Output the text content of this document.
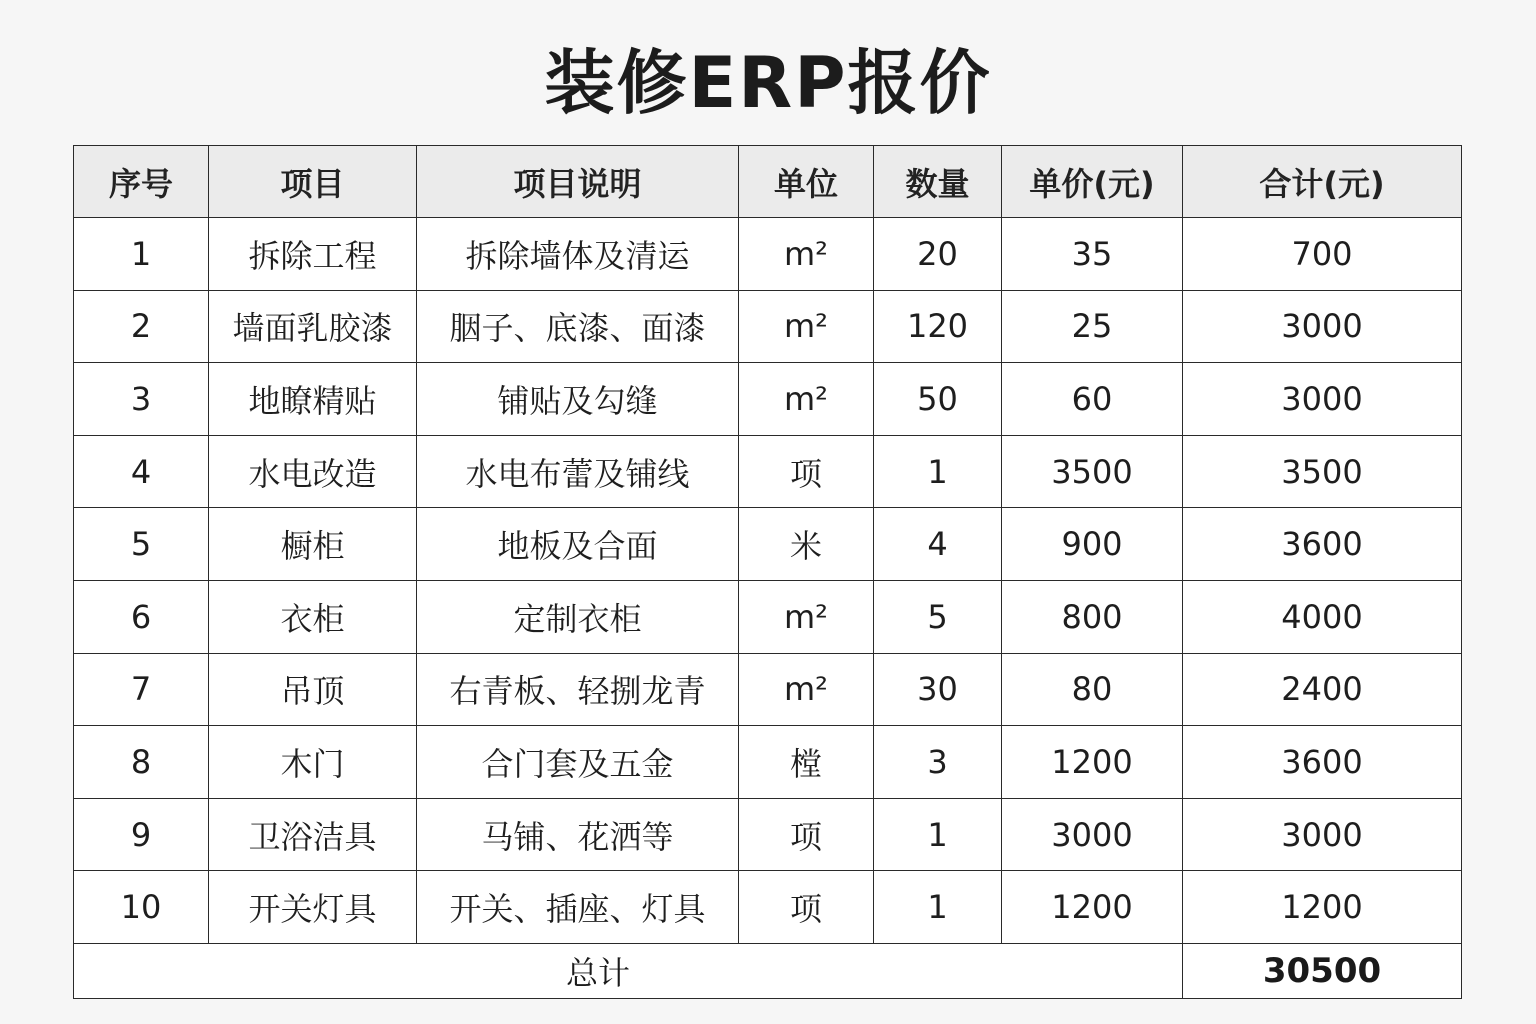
装修ERP报价
序号	项目	项目说明	单位	数量	单价(元)	合计(元)
1	拆除工程	拆除墙体及清运	m²	20	35	700
2	墙面乳胶漆	胭子、底漆、面漆	m²	120	25	3000
3	地瞭精贴	铺贴及勾缝	m²	50	60	3000
4	水电改造	水电布蕾及铺线	项	1	3500	3500
5	橱柜	地板及合面	米	4	900	3600
6	衣柜	定制衣柜	m²	5	800	4000
7	吊顶	右青板、轻捌龙青	m²	30	80	2400
8	木门	合门套及五金	樘	3	1200	3600
9	卫浴洁具	马铺、花洒等	项	1	3000	3000
10	开关灯具	开关、插座、灯具	项	1	1200	1200
总计						30500
